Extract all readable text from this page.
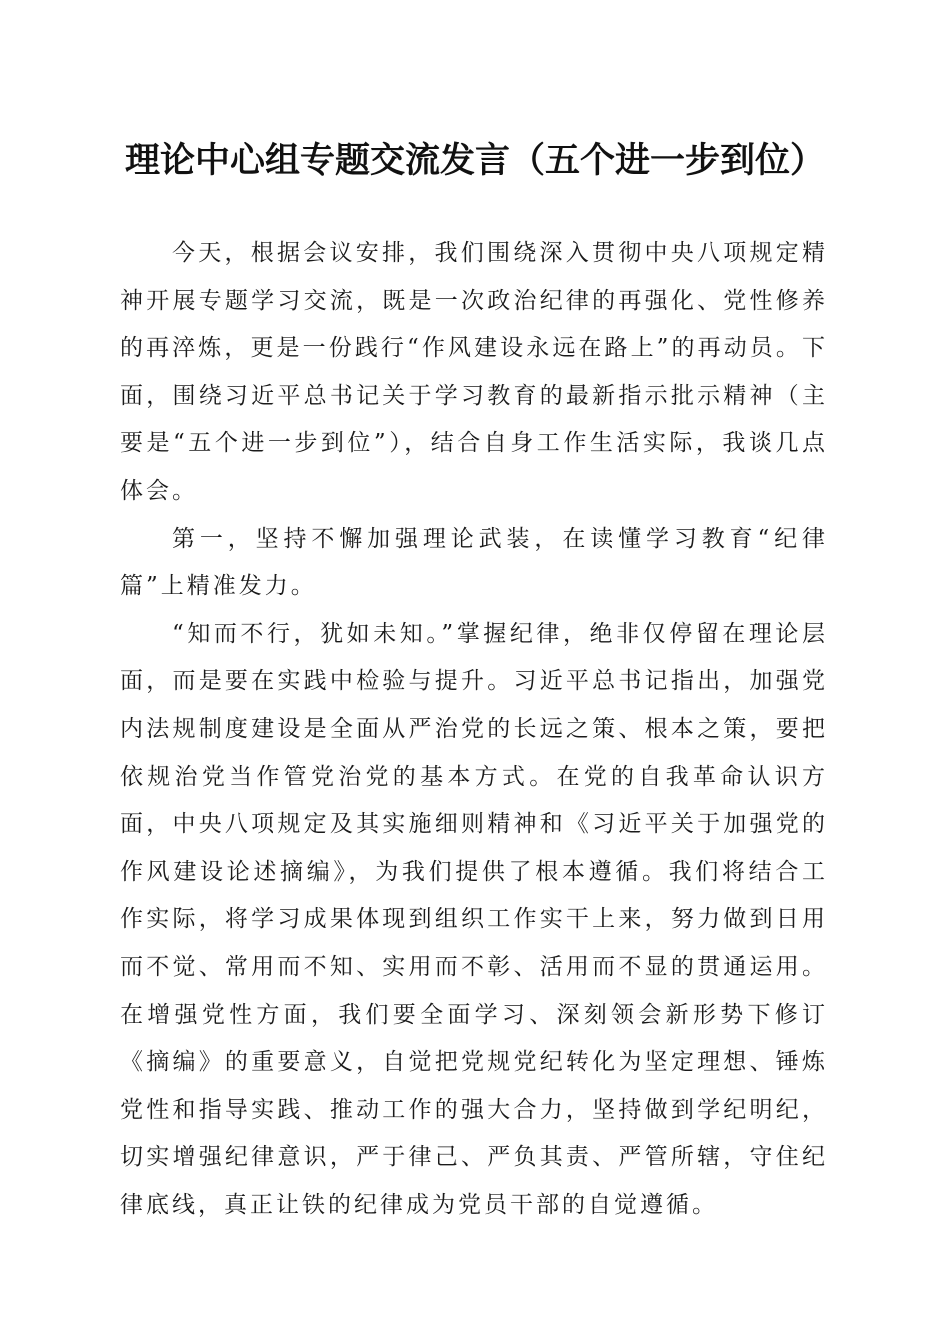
理论中心组专题交流发言（五个进一步到位）

今天，根据会议安排，我们围绕深入贯彻中央八项规定精神开展专题学习交流，既是一次政治纪律的再强化、党性修养的再淬炼，更是一份践行“作风建设永远在路上”的再动员。下面，围绕习近平总书记关于学习教育的最新指示批示精神（主要是“五个进一步到位”），结合自身工作生活实际，我谈几点体会。

第一，坚持不懈加强理论武装，在读懂学习教育“纪律篇”上精准发力。

“知而不行，犹如未知。”掌握纪律，绝非仅停留在理论层面，而是要在实践中检验与提升。习近平总书记指出，加强党内法规制度建设是全面从严治党的长远之策、根本之策，要把依规治党当作管党治党的基本方式。在党的自我革命认识方面，中央八项规定及其实施细则精神和《习近平关于加强党的作风建设论述摘编》，为我们提供了根本遵循。我们将结合工作实际，将学习成果体现到组织工作实干上来，努力做到日用而不觉、常用而不知、实用而不彰、活用而不显的贯通运用。在增强党性方面，我们要全面学习、深刻领会新形势下修订《摘编》的重要意义，自觉把党规党纪转化为坚定理想、锤炼党性和指导实践、推动工作的强大合力，坚持做到学纪明纪，切实增强纪律意识，严于律己、严负其责、严管所辖，守住纪律底线，真正让铁的纪律成为党员干部的自觉遵循。
